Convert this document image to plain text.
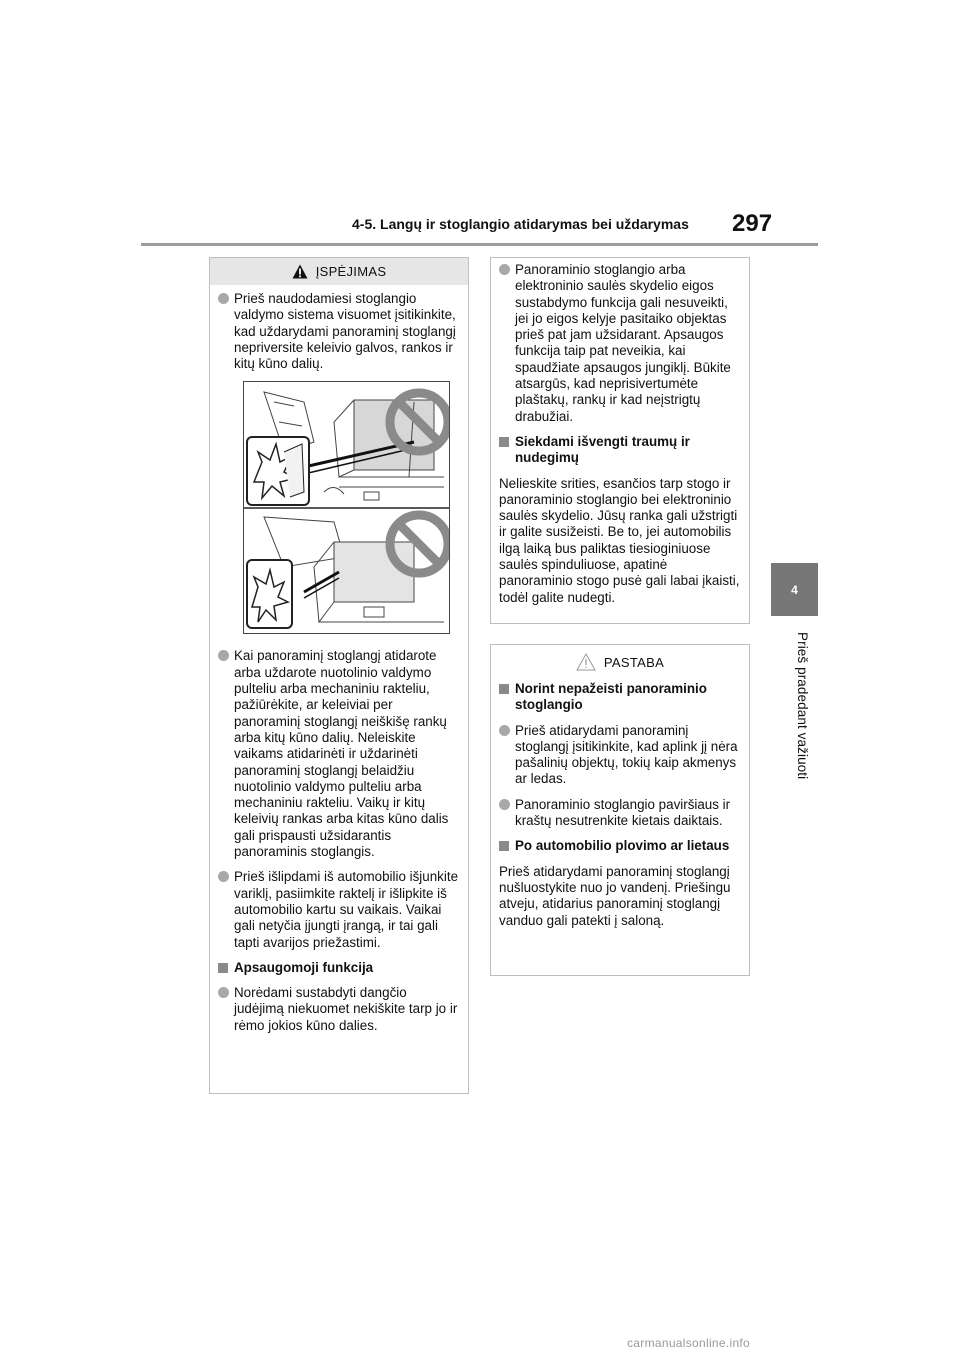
4-5. Langų ir stoglangio atidarymas bei uždarymas 297
4
Prieš pradedant važiuoti
ĮSPĖJIMAS
Prieš naudodamiesi stoglangio valdymo sistema visuomet įsitikinkite, kad uždarydami panoraminį stoglangį nepriversite keleivio galvos, rankos ir kitų kūno dalių.
Kai panoraminį stoglangį atidarote arba uždarote nuotolinio valdymo pulteliu arba mechaniniu rakteliu, pažiūrėkite, ar keleiviai per panoraminį stoglangį neiškišę rankų arba kitų kūno dalių. Neleiskite vaikams atidarinėti ir uždarinėti panoraminį stoglangį belaidžiu nuotolinio valdymo pulteliu arba mechaniniu rakteliu. Vaikų ir kitų keleivių rankas arba kitas kūno dalis gali prispausti užsidarantis panoraminis stoglangis.
Prieš išlipdami iš automobilio išjunkite variklį, pasiimkite raktelį ir išlipkite iš automobilio kartu su vaikais. Vaikai gali netyčia įjungti įrangą, ir tai gali tapti avarijos priežastimi.
Apsaugomoji funkcija
Norėdami sustabdyti dangčio judėjimą niekuomet nekiškite tarp jo ir rėmo jokios kūno dalies.
Panoraminio stoglangio arba elektroninio saulės skydelio eigos sustabdymo funkcija gali nesuveikti, jei jo eigos kelyje pasitaiko objektas prieš pat jam užsidarant. Apsaugos funkcija taip pat neveikia, kai spaudžiate apsaugos jungiklį. Būkite atsargūs, kad neprisivertumėte plaštakų, rankų ir kad neįstrigtų drabužiai.
Siekdami išvengti traumų ir nudegimų
Nelieskite srities, esančios tarp stogo ir panoraminio stoglangio bei elektroninio saulės skydelio. Jūsų ranka gali užstrigti ir galite susižeisti. Be to, jei automobilis ilgą laiką bus paliktas tiesioginiuose saulės spinduliuose, apatinė panoraminio stogo pusė gali labai įkaisti, todėl galite nudegti.
PASTABA
Norint nepažeisti panoraminio stoglangio
Prieš atidarydami panoraminį stoglangį įsitikinkite, kad aplink jį nėra pašalinių objektų, tokių kaip akmenys ar ledas.
Panoraminio stoglangio paviršiaus ir kraštų nesutrenkite kietais daiktais.
Po automobilio plovimo ar lietaus
Prieš atidarydami panoraminį stoglangį nušluostykite nuo jo vandenį. Priešingu atveju, atidarius panoraminį stoglangį vanduo gali patekti į saloną.
carmanualsonline.info
